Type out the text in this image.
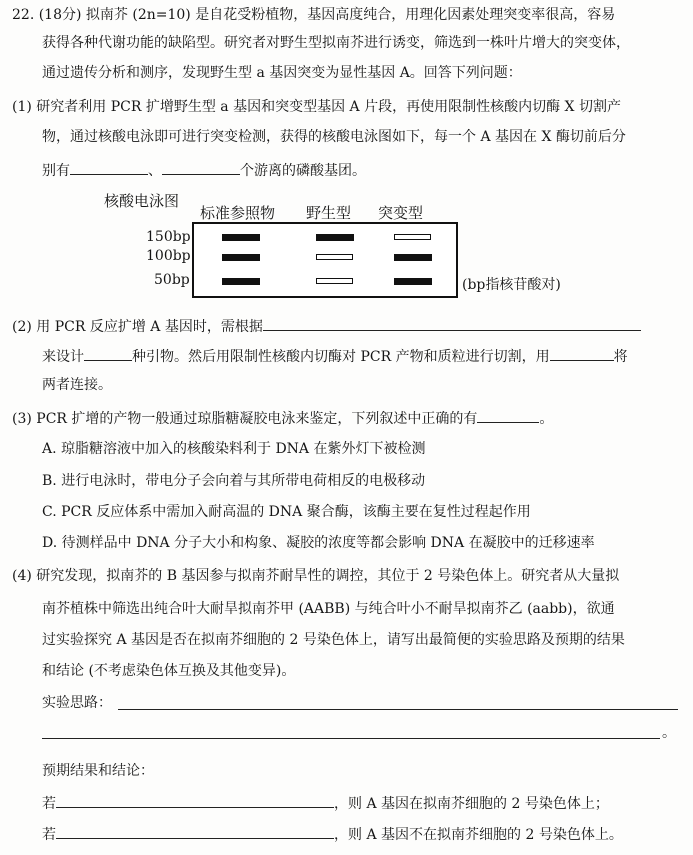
22. (18分) 拟南芥 (2n=10) 是自花受粉植物，基因高度纯合，用理化因素处理突变率很高，容易
获得各种代谢功能的缺陷型。研究者对野生型拟南芥进行诱变，筛选到一株叶片增大的突变体，
通过遗传分析和测序，发现野生型 a 基因突变为显性基因 A。回答下列问题：
(1) 研究者利用 PCR 扩增野生型 a 基因和突变型基因 A 片段，再使用限制性核酸内切酶 X 切割产
物，通过核酸电泳即可进行突变检测，获得的核酸电泳图如下，每一个 A 基因在 X 酶切前后分
别有	、	个游离的磷酸基团。
核酸电泳图
标准参照物 野生型 突变型
150bp
100bp
50bp	(bp指核苷酸对)
(2) 用 PCR 反应扩增 A 基因时，需根据
来设计	种引物。然后用限制性核酸内切酶对 PCR 产物和质粒进行切割，用	将
两者连接。
(3) PCR 扩增的产物一般通过琼脂糖凝胶电泳来鉴定，下列叙述中正确的有	。
A. 琼脂糖溶液中加入的核酸染料利于 DNA 在紫外灯下被检测
B. 进行电泳时，带电分子会向着与其所带电荷相反的电极移动
C. PCR 反应体系中需加入耐高温的 DNA 聚合酶，该酶主要在复性过程起作用
D. 待测样品中 DNA 分子大小和构象、凝胶的浓度等都会影响 DNA 在凝胶中的迁移速率
(4) 研究发现，拟南芥的 B 基因参与拟南芥耐旱性的调控，其位于 2 号染色体上。研究者从大量拟
南芥植株中筛选出纯合叶大耐旱拟南芥甲 (AABB) 与纯合叶小不耐旱拟南芥乙 (aabb)，欲通
过实验探究 A 基因是否在拟南芥细胞的 2 号染色体上，请写出最简便的实验思路及预期的结果
和结论 (不考虑染色体互换及其他变异)。
实验思路：
。
预期结果和结论：
若	，则 A 基因在拟南芥细胞的 2 号染色体上；
若	，则 A 基因不在拟南芥细胞的 2 号染色体上。
